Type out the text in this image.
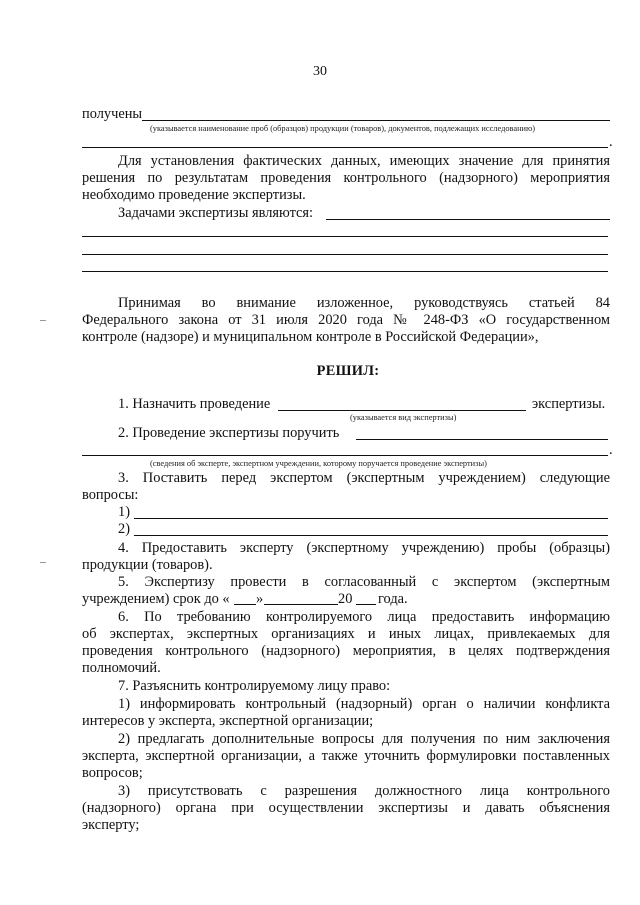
30
получены
(указывается наименование проб (образцов) продукции (товаров), документов, подлежащих исследованию)
.
Для установления фактических данных, имеющих значение для принятия
решения по результатам проведения контрольного (надзорного) мероприятия
необходимо проведение экспертизы.
Задачами экспертизы являются:
Принимая во внимание изложенное, руководствуясь статьей 84
Федерального закона от 31 июля 2020 года № 248-ФЗ «О государственном
контроле (надзоре) и муниципальном контроле в Российской Федерации»,
РЕШИЛ:
1. Назначить проведение	экспертизы.
(указывается вид экспертизы)
2. Проведение экспертизы поручить
.
(сведения об эксперте, экспертном учреждении, которому поручается проведение экспертизы)
3. Поставить перед экспертом (экспертным учреждением) следующие
вопросы:
1)
2)
4. Предоставить эксперту (экспертному учреждению) пробы (образцы)
продукции (товаров).
5. Экспертизу провести в согласованный с экспертом (экспертным
учреждением) срок до « »	20 года.
6. По требованию контролируемого лица предоставить информацию
об экспертах, экспертных организациях и иных лицах, привлекаемых для
проведения контрольного (надзорного) мероприятия, в целях подтверждения
полномочий.
7. Разъяснить контролируемому лицу право:
1) информировать контрольный (надзорный) орган о наличии конфликта
интересов у эксперта, экспертной организации;
2) предлагать дополнительные вопросы для получения по ним заключения
эксперта, экспертной организации, а также уточнить формулировки поставленных
вопросов;
3) присутствовать с разрешения должностного лица контрольного
(надзорного) органа при осуществлении экспертизы и давать объяснения
эксперту;
